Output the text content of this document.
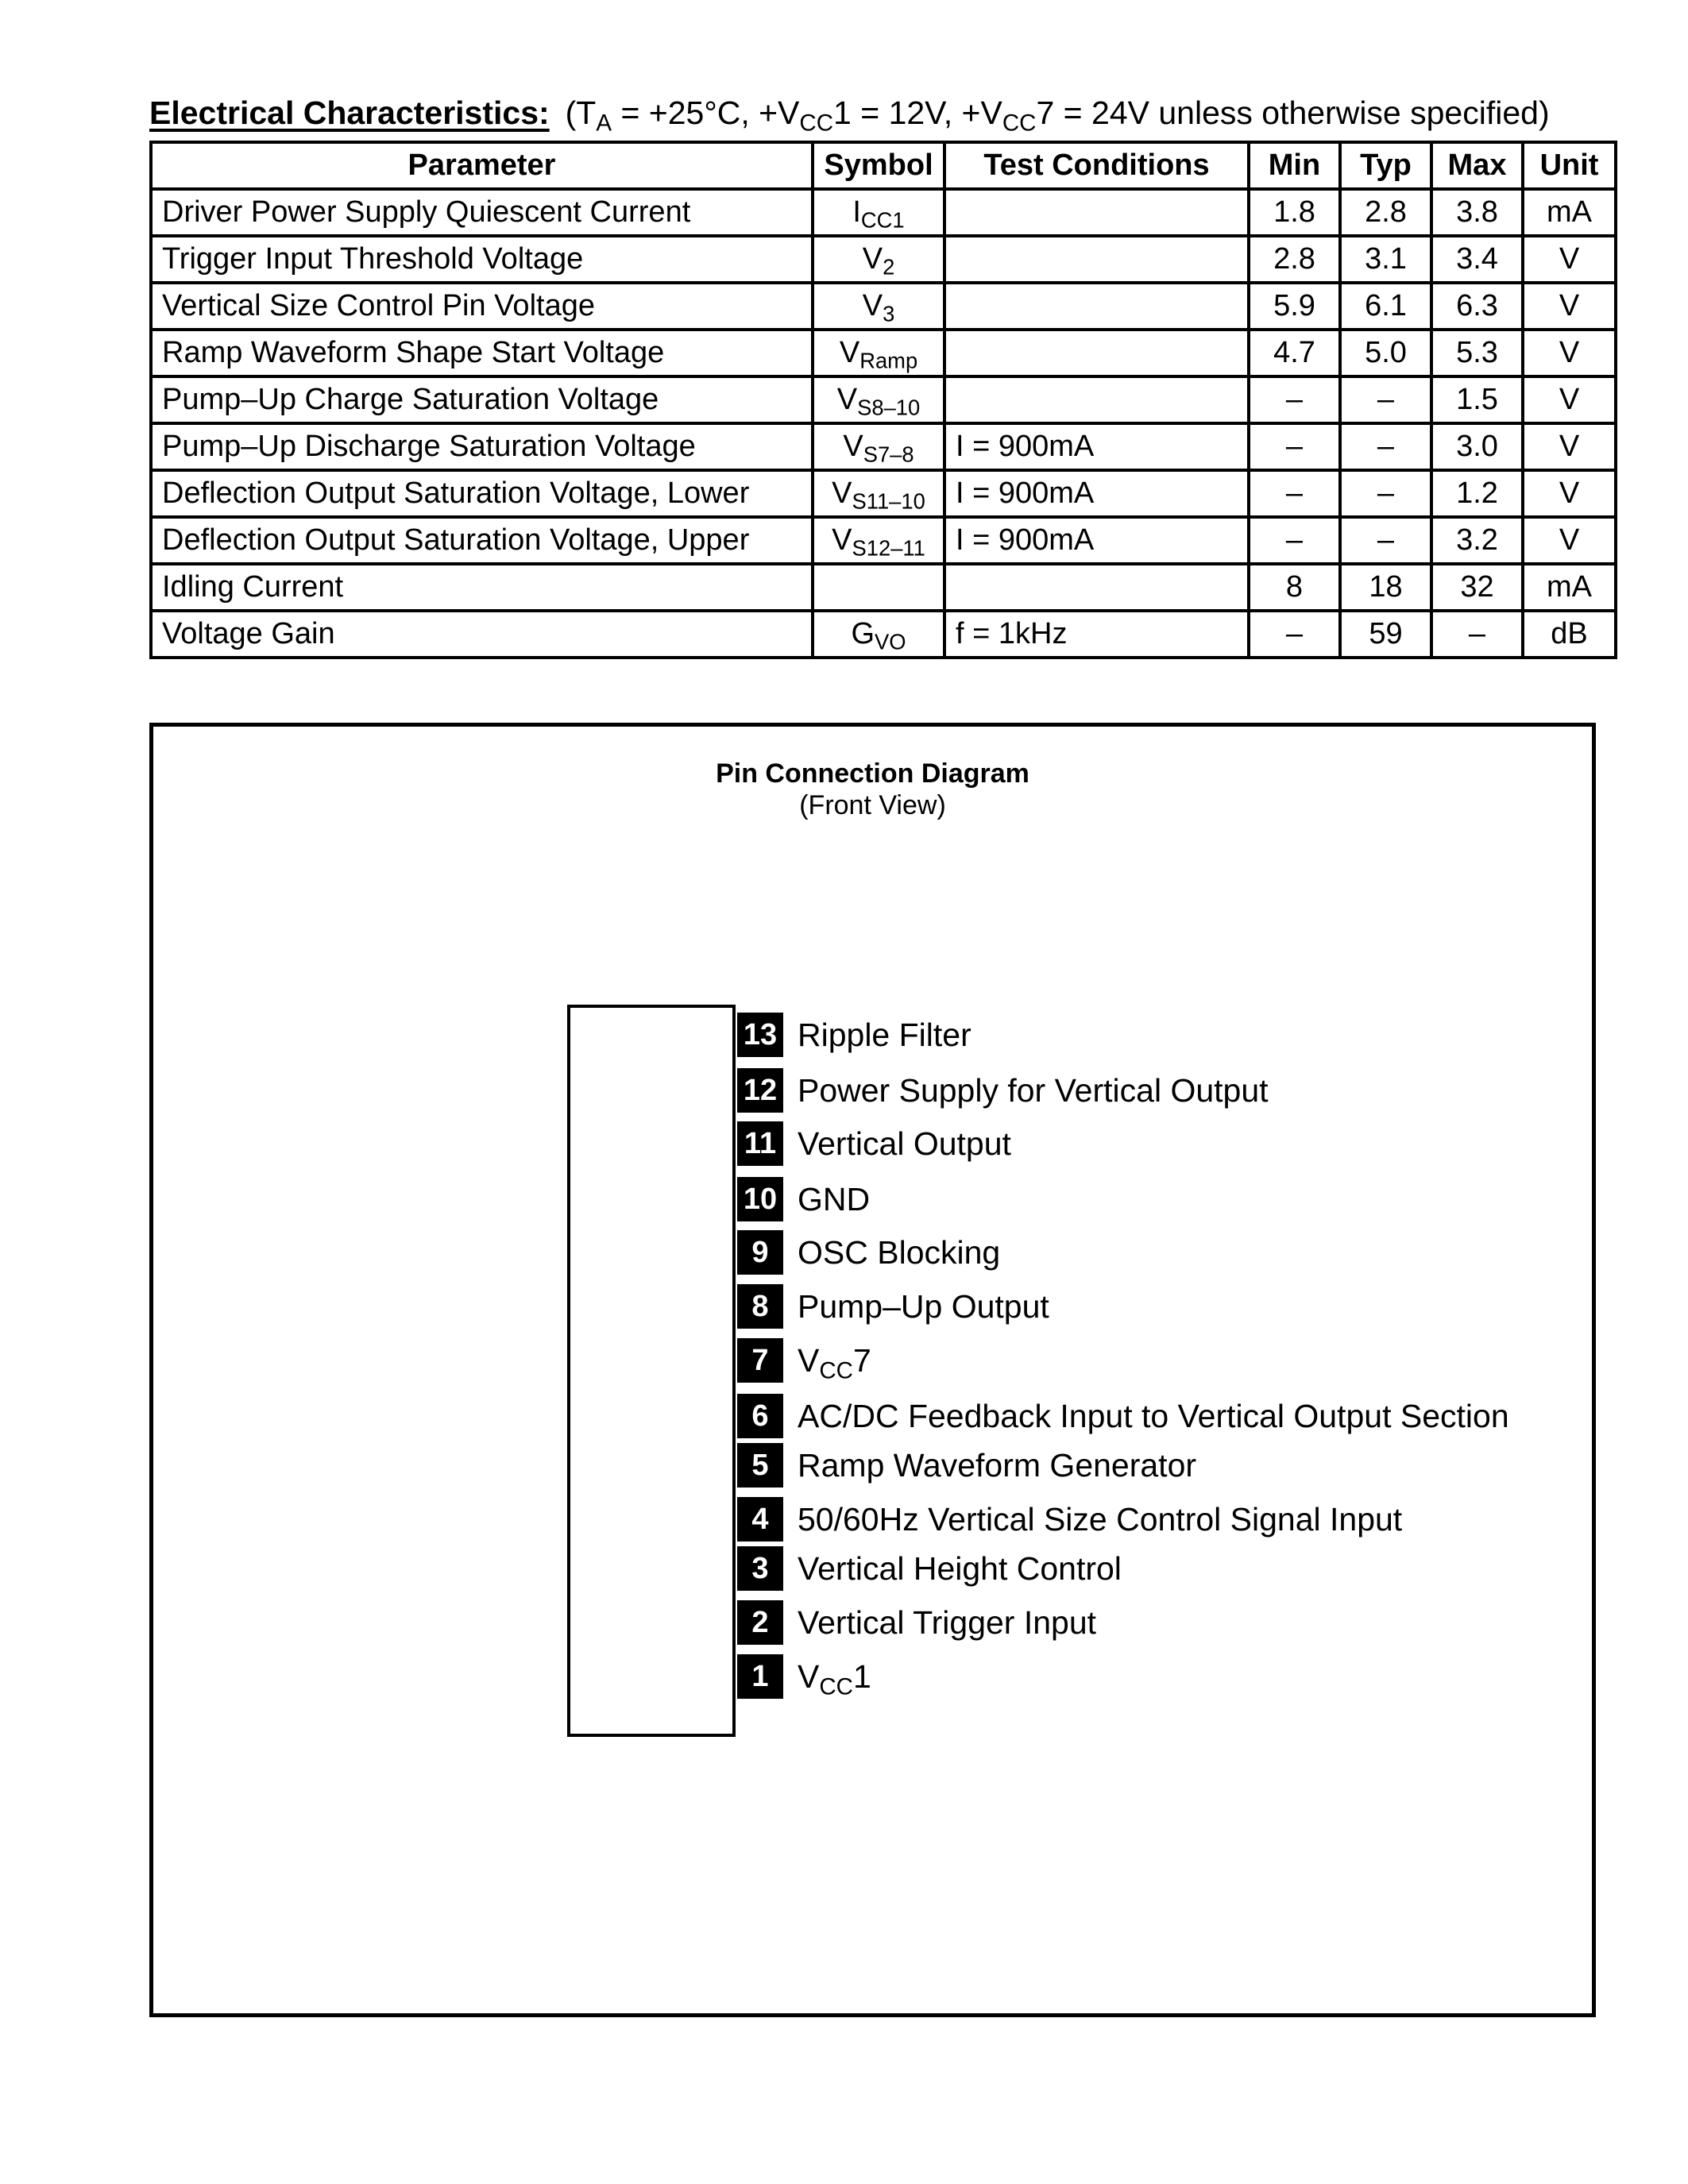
Electrical Characteristics: ($T_A = +25^\circ C$, $+V_{CC}1 = 12V$, $+V_{CC}7 = 24V$ unless otherwise specified)
Parameter	Symbol	Test Conditions	Min	Typ	Max	Unit
Driver Power Supply Quiescent Current	$I_{CC1}$		1.8	2.8	3.8	mA
Trigger Input Threshold Voltage	$V_2$		2.8	3.1	3.4	V
Vertical Size Control Pin Voltage	$V_3$		5.9	6.1	6.3	V
Ramp Waveform Shape Start Voltage	$V_{Ramp}$		4.7	5.0	5.3	V
Pump–Up Charge Saturation Voltage	$V_{S8-10}$		–	–	1.5	V
Pump–Up Discharge Saturation Voltage	$V_{S7-8}$	I = 900mA	–	–	3.0	V
Deflection Output Saturation Voltage, Lower	$V_{S11-10}$	I = 900mA	–	–	1.2	V
Deflection Output Saturation Voltage, Upper	$V_{S12-11}$	I = 900mA	–	–	3.2	V
Idling Current			8	18	32	mA
Voltage Gain	$G_{VO}$	f = 1kHz	–	59	–	dB
Pin Connection Diagram
(Front View)
13 Ripple Filter
12 Power Supply for Vertical Output
11 Vertical Output
10 GND
9 OSC Blocking
8 Pump–Up Output
7 $V_{CC}7$
6 AC/DC Feedback Input to Vertical Output Section
5 Ramp Waveform Generator
4 50/60Hz Vertical Size Control Signal Input
3 Vertical Height Control
2 Vertical Trigger Input
1 $V_{CC}1$
